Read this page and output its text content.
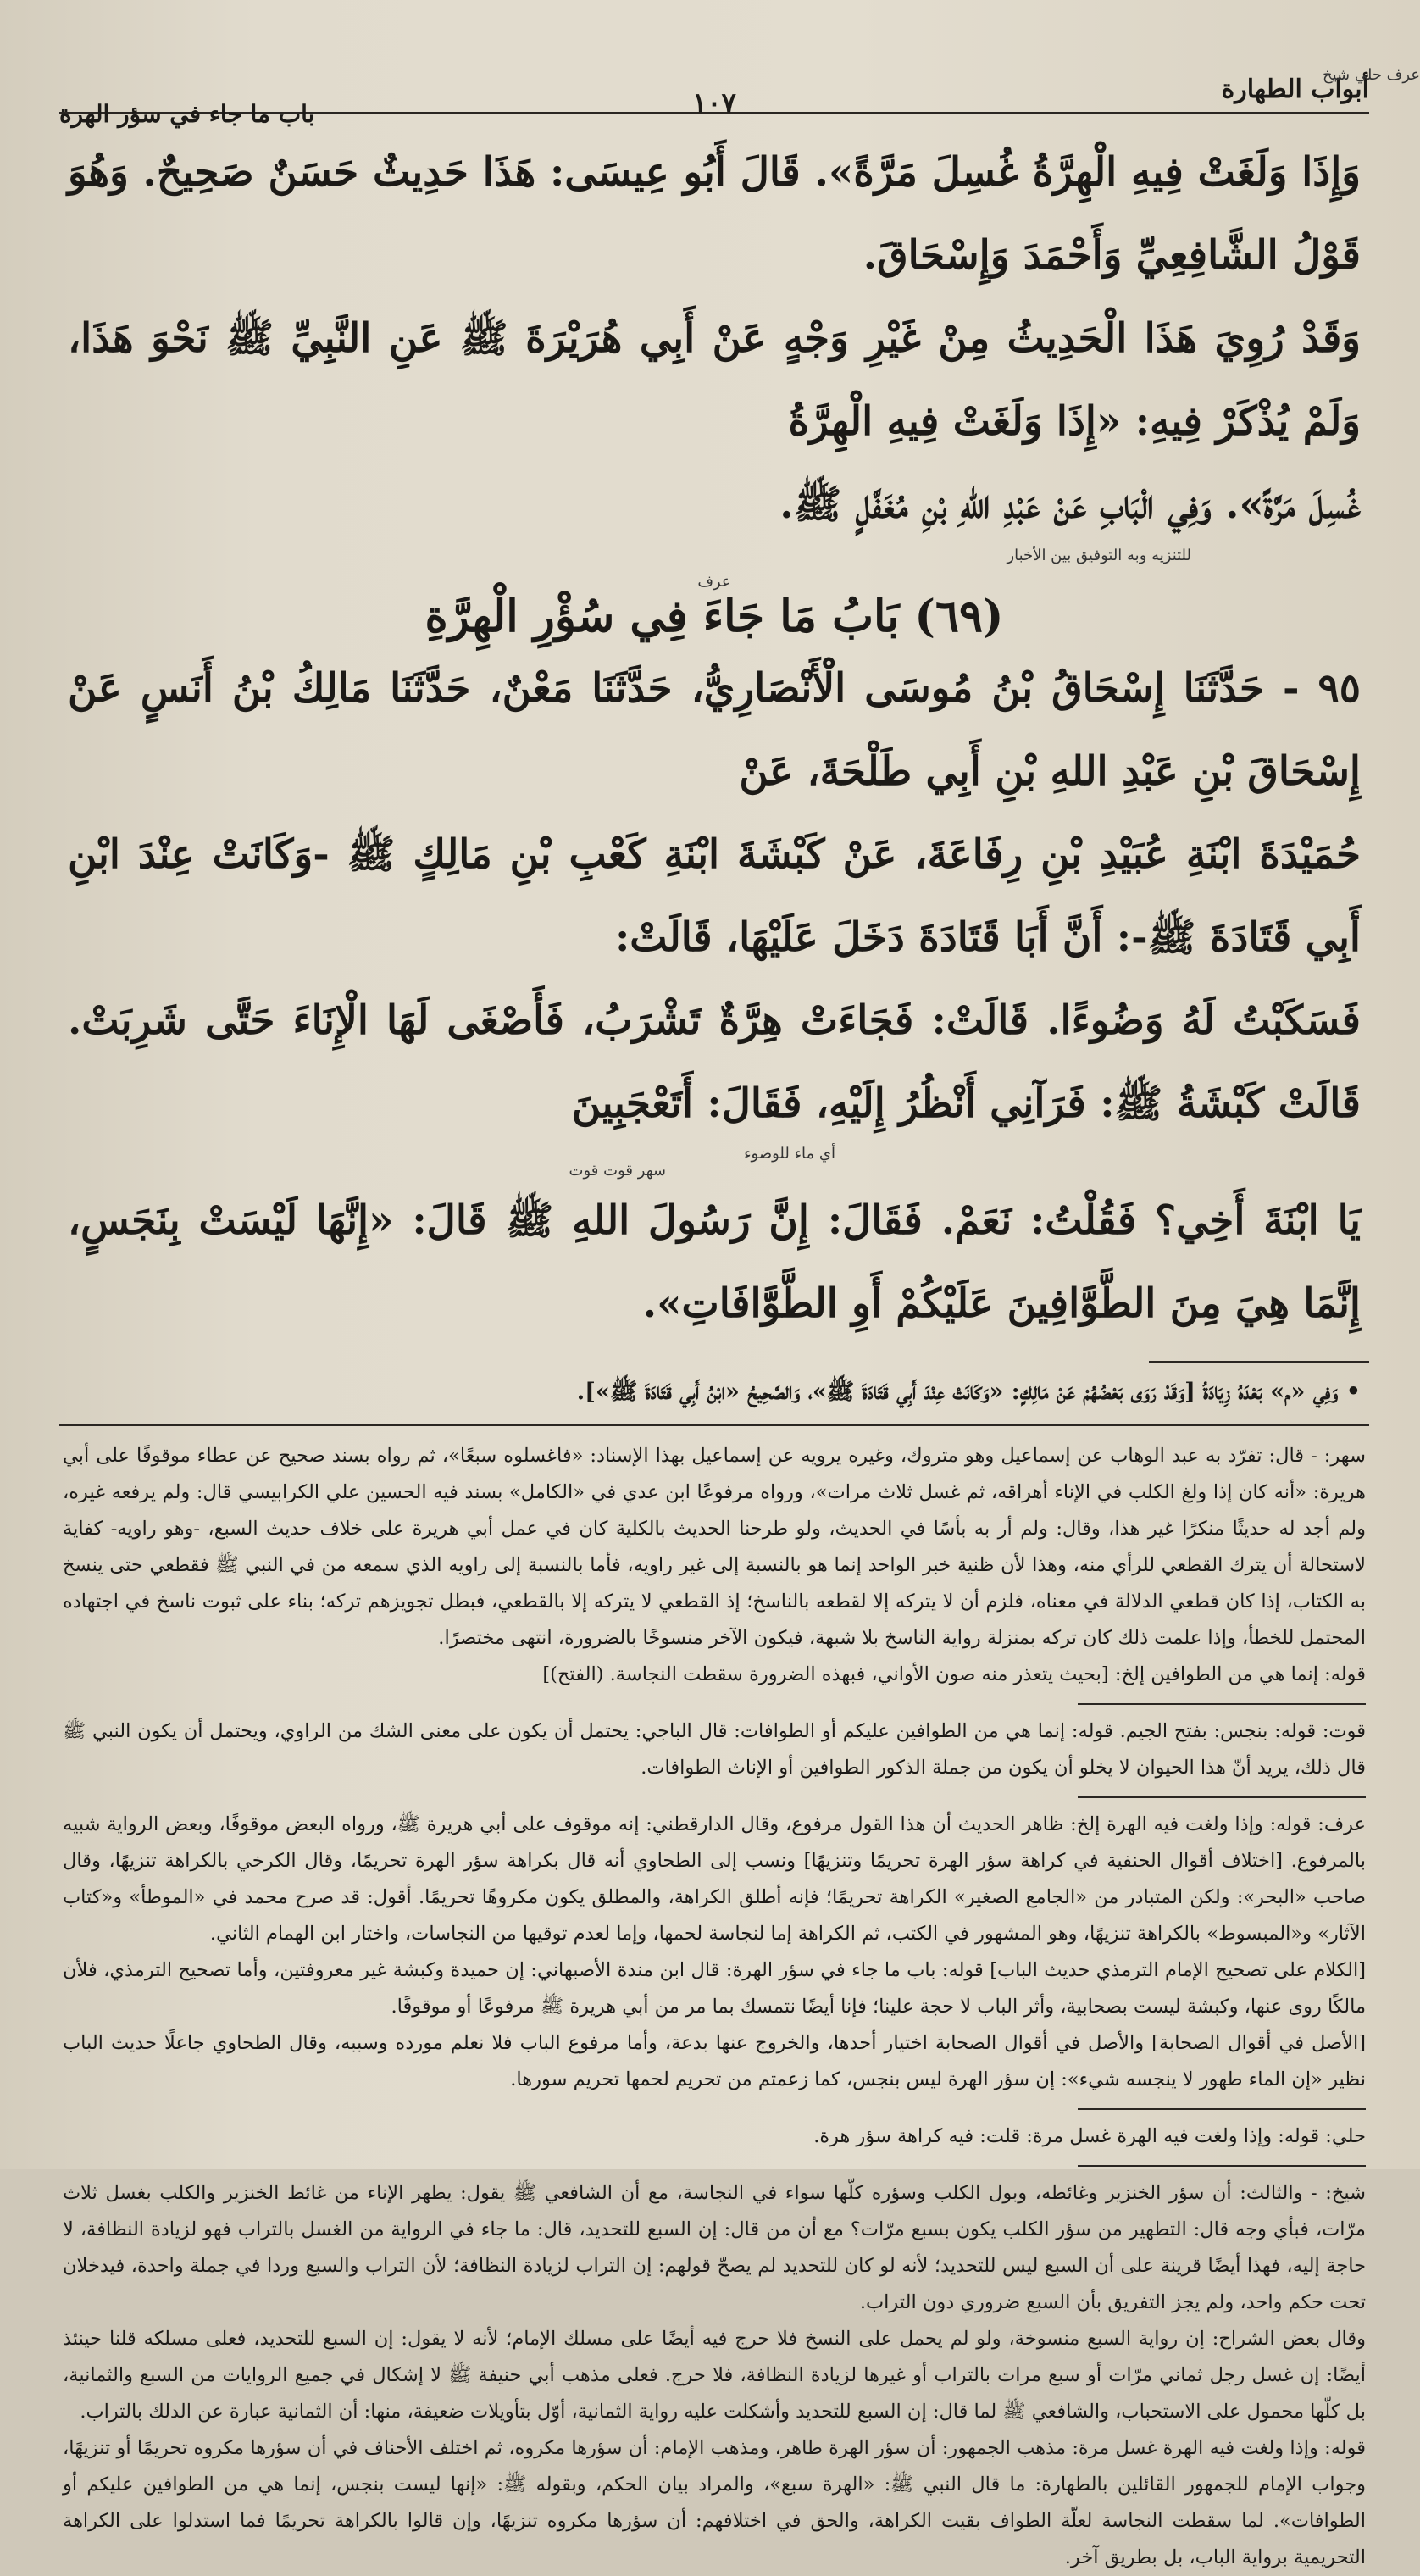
أبواب الطهارة
١٠٧
باب ما جاء في سؤر الهرة
عرف حلي شيخ

وَإِذَا وَلَغَتْ فِيهِ الْهِرَّةُ غُسِلَ مَرَّةً». قَالَ أَبُو عِيسَى: هَذَا حَدِيثٌ حَسَنٌ صَحِيحٌ. وَهُوَ قَوْلُ الشَّافِعِيِّ وَأَحْمَدَ وَإِسْحَاقَ.

وَقَدْ رُوِيَ هَذَا الْحَدِيثُ مِنْ غَيْرِ وَجْهٍ عَنْ أَبِي هُرَيْرَةَ ﷺ عَنِ النَّبِيِّ ﷺ نَحْوَ هَذَا، وَلَمْ يُذْكَرْ فِيهِ: «إِذَا وَلَغَتْ فِيهِ الْهِرَّةُ

غُسِلَ مَرَّةً». وَفِي الْبَابِ عَنْ عَبْدِ اللهِ بْنِ مُغَفَّلٍ ﷺ.

للتنزيه وبه التوفيق بين الأخبار
عرف
(٦٩) بَابُ مَا جَاءَ فِي سُؤْرِ الْهِرَّةِ

٩٥ - حَدَّثَنَا إِسْحَاقُ بْنُ مُوسَى الْأَنْصَارِيُّ، حَدَّثَنَا مَعْنٌ، حَدَّثَنَا مَالِكُ بْنُ أَنَسٍ عَنْ إِسْحَاقَ بْنِ عَبْدِ اللهِ بْنِ أَبِي طَلْحَةَ، عَنْ

حُمَيْدَةَ ابْنَةِ عُبَيْدِ بْنِ رِفَاعَةَ، عَنْ كَبْشَةَ ابْنَةِ كَعْبِ بْنِ مَالِكٍ ﷺ -وَكَانَتْ عِنْدَ ابْنِ أَبِي قَتَادَةَ ﷺ-: أَنَّ أَبَا قَتَادَةَ دَخَلَ عَلَيْهَا، قَالَتْ:

فَسَكَبْتُ لَهُ وَضُوءًا. قَالَتْ: فَجَاءَتْ هِرَّةٌ تَشْرَبُ، فَأَصْغَى لَهَا الْإِنَاءَ حَتَّى شَرِبَتْ. قَالَتْ كَبْشَةُ ﷺ: فَرَآنِي أَنْظُرُ إِلَيْهِ، فَقَالَ: أَتَعْجَبِينَ

أي ماء للوضوء
سهر قوت قوت

يَا ابْنَةَ أَخِي؟ فَقُلْتُ: نَعَمْ. فَقَالَ: إِنَّ رَسُولَ اللهِ ﷺ قَالَ: «إِنَّهَا لَيْسَتْ بِنَجَسٍ، إِنَّمَا هِيَ مِنَ الطَّوَّافِينَ عَلَيْكُمْ أَوِ الطَّوَّافَاتِ».

• وَفِي «م» بَعْدَهُ زِيَادَةُ [وَقَدْ رَوَى بَعْضُهُمْ عَنْ مَالِكٍ: «وَكَانَتْ عِنْدَ أَبِي قَتَادَةَ ﷺ»، وَالصَّحِيحُ «ابْنُ أَبِي قَتَادَةَ ﷺ»].

سهر: - قال: تفرّد به عبد الوهاب عن إسماعيل وهو متروك، وغيره يرويه عن إسماعيل بهذا الإسناد: «فاغسلوه سبعًا»، ثم رواه بسند صحيح عن عطاء موقوفًا على أبي هريرة: «أنه كان إذا ولغ الكلب في الإناء أهراقه، ثم غسل ثلاث مرات»، ورواه مرفوعًا ابن عدي في «الكامل» بسند فيه الحسين علي الكرابيسي قال: ولم يرفعه غيره، ولم أجد له حديثًا منكرًا غير هذا، وقال: ولم أر به بأسًا في الحديث، ولو طرحنا الحديث بالكلية كان في عمل أبي هريرة على خلاف حديث السبع، -وهو راويه- كفاية لاستحالة أن يترك القطعي للرأي منه، وهذا لأن ظنية خبر الواحد إنما هو بالنسبة إلى غير راويه، فأما بالنسبة إلى راويه الذي سمعه من في النبي ﷺ فقطعي حتى ينسخ به الكتاب، إذا كان قطعي الدلالة في معناه، فلزم أن لا يتركه إلا لقطعه بالناسخ؛ إذ القطعي لا يتركه إلا بالقطعي، فبطل تجويزهم تركه؛ بناء على ثبوت ناسخ في اجتهاده المحتمل للخطأ، وإذا علمت ذلك كان تركه بمنزلة رواية الناسخ بلا شبهة، فيكون الآخر منسوخًا بالضرورة، انتهى مختصرًا.

قوله: إنما هي من الطوافين إلخ: [بحيث يتعذر منه صون الأواني، فبهذه الضرورة سقطت النجاسة. (الفتح)]

قوت: قوله: بنجس: بفتح الجيم. قوله: إنما هي من الطوافين عليكم أو الطوافات: قال الباجي: يحتمل أن يكون على معنى الشك من الراوي، ويحتمل أن يكون النبي ﷺ قال ذلك، يريد أنّ هذا الحيوان لا يخلو أن يكون من جملة الذكور الطوافين أو الإناث الطوافات.

عرف: قوله: وإذا ولغت فيه الهرة إلخ: ظاهر الحديث أن هذا القول مرفوع، وقال الدارقطني: إنه موقوف على أبي هريرة ﷺ، ورواه البعض موقوفًا، وبعض الرواية شبيه بالمرفوع. [اختلاف أقوال الحنفية في كراهة سؤر الهرة تحريمًا وتنزيهًا] ونسب إلى الطحاوي أنه قال بكراهة سؤر الهرة تحريمًا، وقال الكرخي بالكراهة تنزيهًا، وقال صاحب «البحر»: ولكن المتبادر من «الجامع الصغير» الكراهة تحريمًا؛ فإنه أطلق الكراهة، والمطلق يكون مكروهًا تحريمًا. أقول: قد صرح محمد في «الموطأ» و«كتاب الآثار» و«المبسوط» بالكراهة تنزيهًا، وهو المشهور في الكتب، ثم الكراهة إما لنجاسة لحمها، وإما لعدم توقيها من النجاسات، واختار ابن الهمام الثاني.

[الكلام على تصحيح الإمام الترمذي حديث الباب] قوله: باب ما جاء في سؤر الهرة: قال ابن مندة الأصبهاني: إن حميدة وكبشة غير معروفتين، وأما تصحيح الترمذي، فلأن مالكًا روى عنها، وكبشة ليست بصحابية، وأثر الباب لا حجة علينا؛ فإنا أيضًا نتمسك بما مر من أبي هريرة ﷺ مرفوعًا أو موقوفًا.

[الأصل في أقوال الصحابة] والأصل في أقوال الصحابة اختيار أحدها، والخروج عنها بدعة، وأما مرفوع الباب فلا نعلم مورده وسببه، وقال الطحاوي جاعلًا حديث الباب نظير «إن الماء طهور لا ينجسه شيء»: إن سؤر الهرة ليس بنجس، كما زعمتم من تحريم لحمها تحريم سورها.

حلي: قوله: وإذا ولغت فيه الهرة غسل مرة: قلت: فيه كراهة سؤر هرة.

شيخ: - والثالث: أن سؤر الخنزير وغائطه، وبول الكلب وسؤره كلّها سواء في النجاسة، مع أن الشافعي ﷺ يقول: يطهر الإناء من غائط الخنزير والكلب بغسل ثلاث مرّات، فبأي وجه قال: التطهير من سؤر الكلب يكون بسبع مرّات؟ مع أن من قال: إن السبع للتحديد، قال: ما جاء في الرواية من الغسل بالتراب فهو لزيادة النظافة، لا حاجة إليه، فهذا أيضًا قرينة على أن السبع ليس للتحديد؛ لأنه لو كان للتحديد لم يصحّ قولهم: إن التراب لزيادة النظافة؛ لأن التراب والسبع وردا في جملة واحدة، فيدخلان تحت حكم واحد، ولم يجز التفريق بأن السبع ضروري دون التراب.

وقال بعض الشراح: إن رواية السبع منسوخة، ولو لم يحمل على النسخ فلا حرج فيه أيضًا على مسلك الإمام؛ لأنه لا يقول: إن السبع للتحديد، فعلى مسلكه قلنا حينئذ أيضًا: إن غسل رجل ثماني مرّات أو سبع مرات بالتراب أو غيرها لزيادة النظافة، فلا حرج. فعلى مذهب أبي حنيفة ﷺ لا إشكال في جميع الروايات من السبع والثمانية، بل كلّها محمول على الاستحباب، والشافعي ﷺ لما قال: إن السبع للتحديد وأشكلت عليه رواية الثمانية، أوّل بتأويلات ضعيفة، منها: أن الثمانية عبارة عن الدلك بالتراب.

قوله: وإذا ولغت فيه الهرة غسل مرة: مذهب الجمهور: أن سؤر الهرة طاهر، ومذهب الإمام: أن سؤرها مكروه، ثم اختلف الأحناف في أن سؤرها مكروه تحريمًا أو تنزيهًا، وجواب الإمام للجمهور القائلين بالطهارة: ما قال النبي ﷺ: «الهرة سبع»، والمراد بيان الحكم، وبقوله ﷺ: «إنها ليست بنجس، إنما هي من الطوافين عليكم أو الطوافات». لما سقطت النجاسة لعلّة الطواف بقيت الكراهة، والحق في اختلافهم: أن سؤرها مكروه تنزيهًا، وإن قالوا بالكراهة تحريمًا فما استدلوا على الكراهة التحريمية برواية الباب، بل بطريق آخر.
